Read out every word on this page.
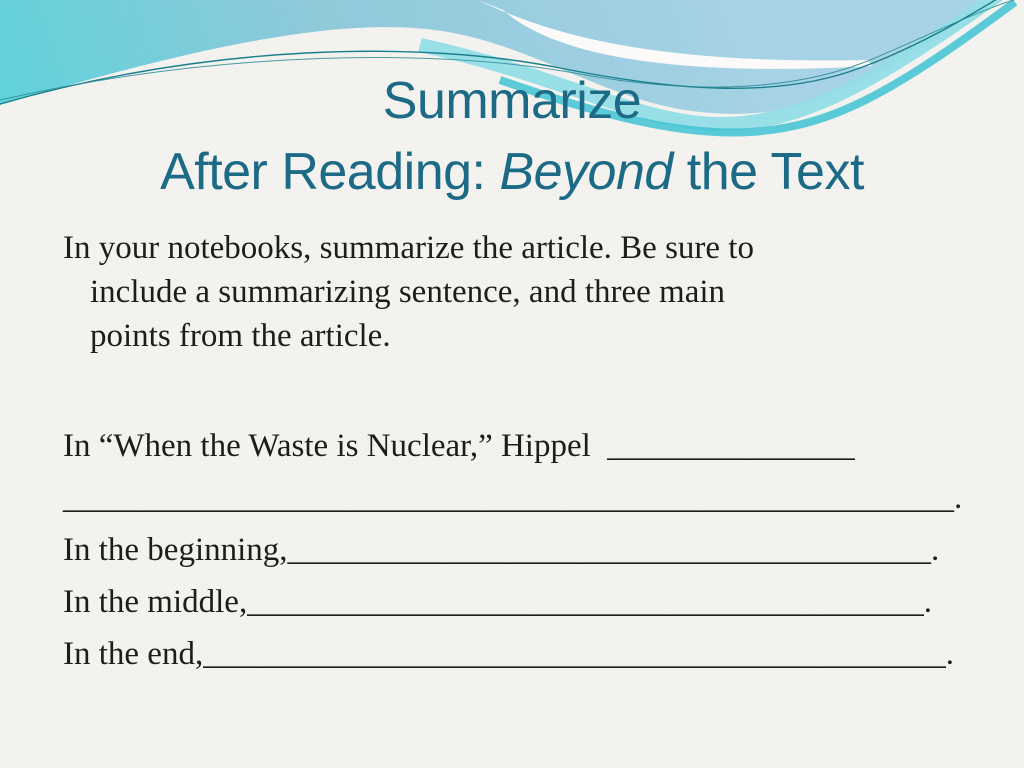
Summarize
After Reading: Beyond the Text
In your notebooks, summarize the article. Be sure to
include a summarizing sentence, and three main
points from the article.
In “When the Waste is Nuclear,” Hippel  _______________
______________________________________________________.
In the beginning,_______________________________________.
In the middle,_________________________________________.
In the end,_____________________________________________.
